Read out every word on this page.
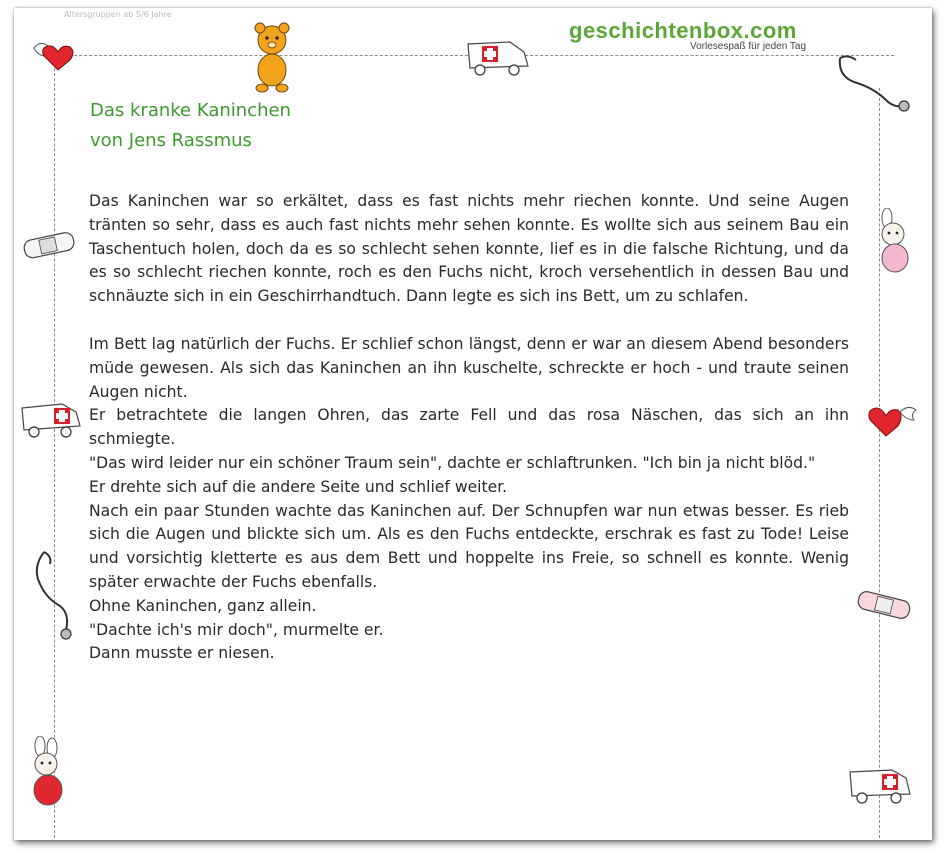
Altersgruppen ab 5/6 Jahre
geschichtenbox.com
Vorlesespaß für jeden Tag
Das kranke Kaninchen
von Jens Rassmus

Das Kaninchen war so erkältet, dass es fast nichts mehr riechen konnte. Und seine Augen tränten so sehr, dass es auch fast nichts mehr sehen konnte. Es wollte sich aus seinem Bau ein Taschentuch holen, doch da es so schlecht sehen konnte, lief es in die falsche Richtung, und da es so schlecht riechen konnte, roch es den Fuchs nicht, kroch versehentlich in dessen Bau und schnäuzte sich in ein Geschirrhandtuch. Dann legte es sich ins Bett, um zu schlafen.

Im Bett lag natürlich der Fuchs. Er schlief schon längst, denn er war an diesem Abend besonders müde gewesen. Als sich das Kaninchen an ihn kuschelte, schreckte er hoch - und traute seinen Augen nicht.

Er betrachtete die langen Ohren, das zarte Fell und das rosa Näschen, das sich an ihn schmiegte.

"Das wird leider nur ein schöner Traum sein", dachte er schlaftrunken. "Ich bin ja nicht blöd."

Er drehte sich auf die andere Seite und schlief weiter.

Nach ein paar Stunden wachte das Kaninchen auf. Der Schnupfen war nun etwas besser. Es rieb sich die Augen und blickte sich um. Als es den Fuchs entdeckte, erschrak es fast zu Tode! Leise und vorsichtig kletterte es aus dem Bett und hoppelte ins Freie, so schnell es konnte. Wenig später erwachte der Fuchs ebenfalls.

Ohne Kaninchen, ganz allein.

"Dachte ich's mir doch", murmelte er.

Dann musste er niesen.
